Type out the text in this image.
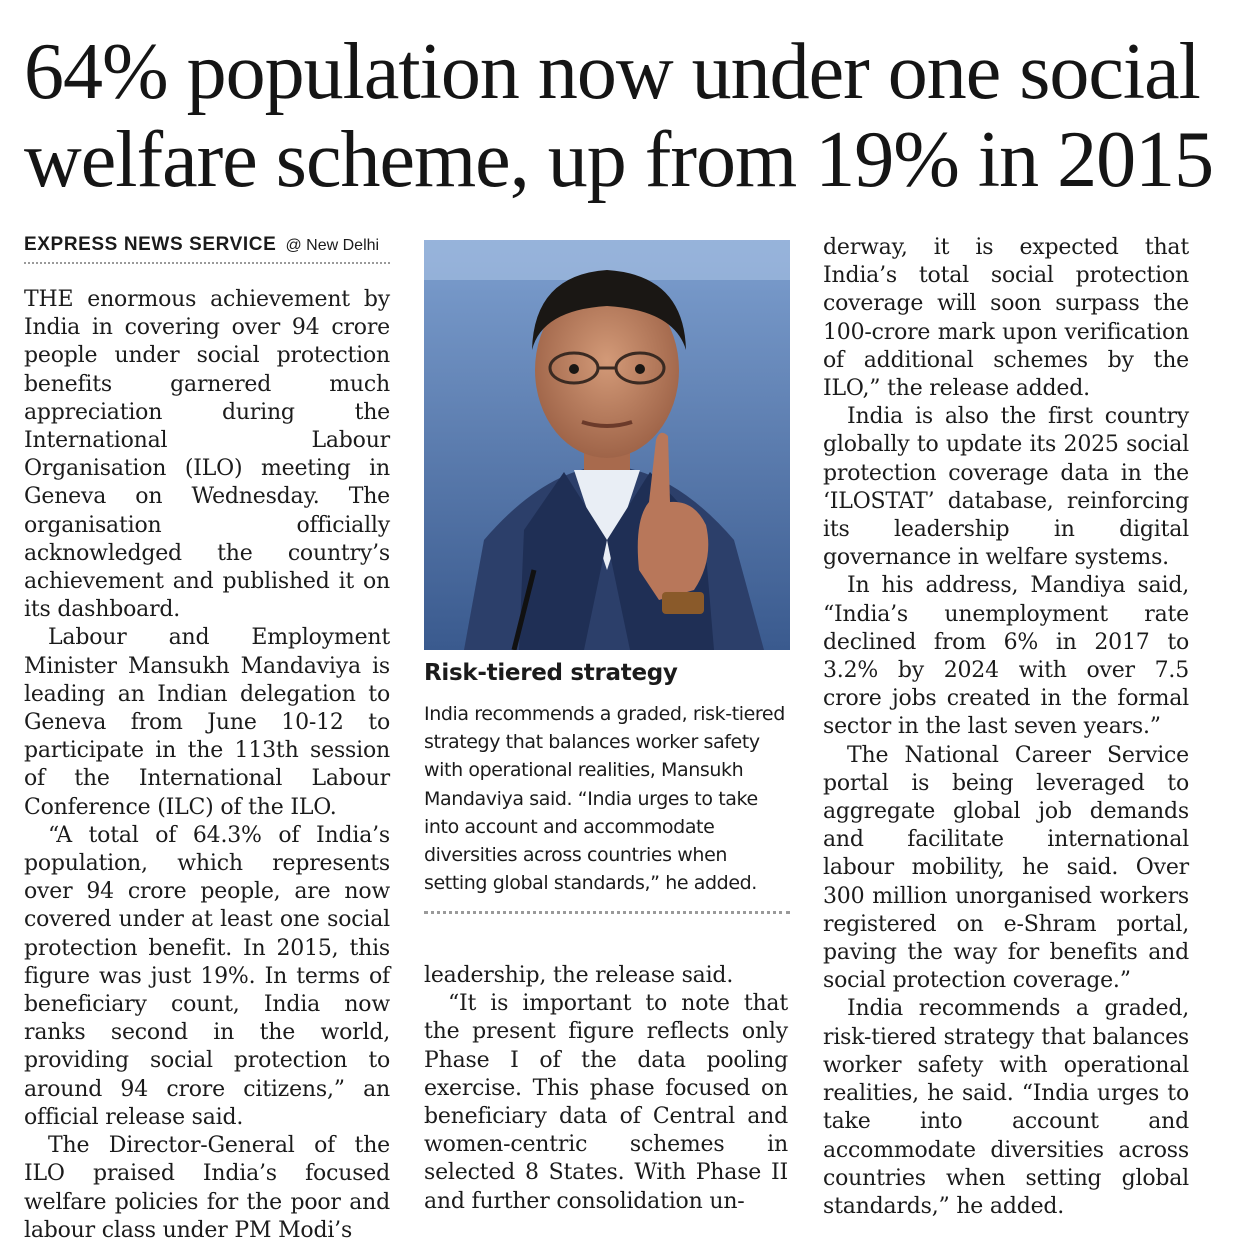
64% population now under one social welfare scheme, up from 19% in 2015
EXPRESS NEWS SERVICE @ New Delhi

THE enormous achievement by India in covering over 94 crore people under social protection benefits garnered much appreciation during the International Labour Organisation (ILO) meeting in Geneva on Wednesday. The organisation officially acknowledged the country’s achievement and published it on its dashboard.

Labour and Employment Minister Mansukh Mandaviya is leading an Indian delegation to Geneva from June 10-12 to participate in the 113th session of the International Labour Conference (ILC) of the ILO.

“A total of 64.3% of India’s population, which represents over 94 crore people, are now covered under at least one social protection benefit. In 2015, this figure was just 19%. In terms of beneficiary count, India now ranks second in the world, providing social protection to around 94 crore citizens,” an official release said.

The Director-General of the ILO praised India’s focused welfare policies for the poor and labour class under PM Modi’s

Risk-tiered strategy

India recommends a graded, risk-tiered strategy that balances worker safety with operational realities, Mansukh Mandaviya said. “India urges to take into account and accommodate diversities across countries when setting global standards,” he added.

leadership, the release said.

“It is important to note that the present figure reflects only Phase I of the data pooling exercise. This phase focused on beneficiary data of Central and women-centric schemes in selected 8 States. With Phase II and further consolidation un-

derway, it is expected that India’s total social protection coverage will soon surpass the 100-crore mark upon verification of additional schemes by the ILO,” the release added.

India is also the first country globally to update its 2025 social protection coverage data in the ‘ILOSTAT’ database, reinforcing its leadership in digital governance in welfare systems.

In his address, Mandiya said, “India’s unemployment rate declined from 6% in 2017 to 3.2% by 2024 with over 7.5 crore jobs created in the formal sector in the last seven years.”

The National Career Service portal is being leveraged to aggregate global job demands and facilitate international labour mobility, he said. Over 300 million unorganised workers registered on e-Shram portal, paving the way for benefits and social protection coverage.”

India recommends a graded, risk-tiered strategy that balances worker safety with operational realities, he said. “India urges to take into account and accommodate diversities across countries when setting global standards,” he added.
